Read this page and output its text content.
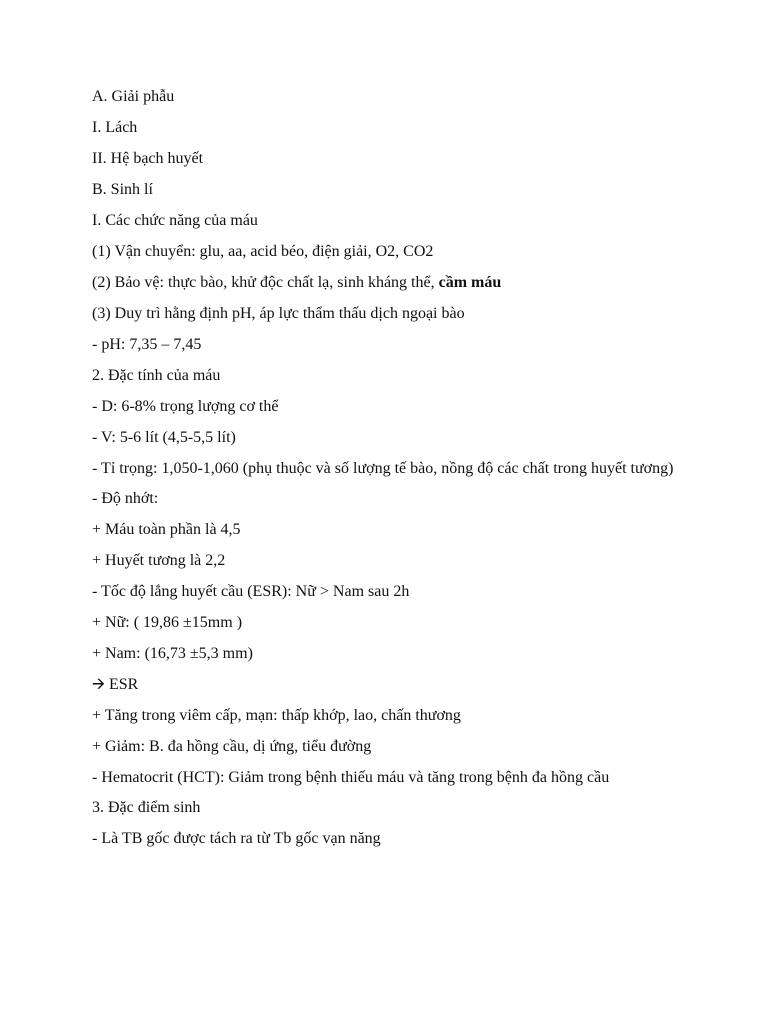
A. Giải phẫu

I. Lách

II. Hệ bạch huyết

B. Sinh lí

I. Các chức năng của máu

(1) Vận chuyển: glu, aa, acid béo, điện giải, O2, CO2

(2) Bảo vệ: thực bào, khử độc chất lạ, sinh kháng thể, cầm máu

(3) Duy trì hằng định pH, áp lực thẩm thấu dịch ngoại bào

- pH: 7,35 – 7,45

2. Đặc tính của máu

- D: 6-8% trọng lượng cơ thể

- V: 5-6 lít (4,5-5,5 lít)

- Tỉ trọng: 1,050-1,060 (phụ thuộc và số lượng tế bào, nồng độ các chất trong huyết tương)

- Độ nhớt:

+ Máu toàn phần là 4,5

+ Huyết tương là 2,2

- Tốc độ lắng huyết cầu (ESR): Nữ > Nam sau 2h

+ Nữ: ( 19,86 ±15mm )

+ Nam: (16,73 ±5,3 mm)

🡪 ESR

+ Tăng trong viêm cấp, mạn: thấp khớp, lao, chấn thương

+ Giảm: B. đa hồng cầu, dị ứng, tiểu đường

- Hematocrit (HCT): Giảm trong bệnh thiếu máu và tăng trong bệnh đa hồng cầu

3. Đặc điểm sinh

- Là TB gốc được tách ra từ Tb gốc vạn năng
